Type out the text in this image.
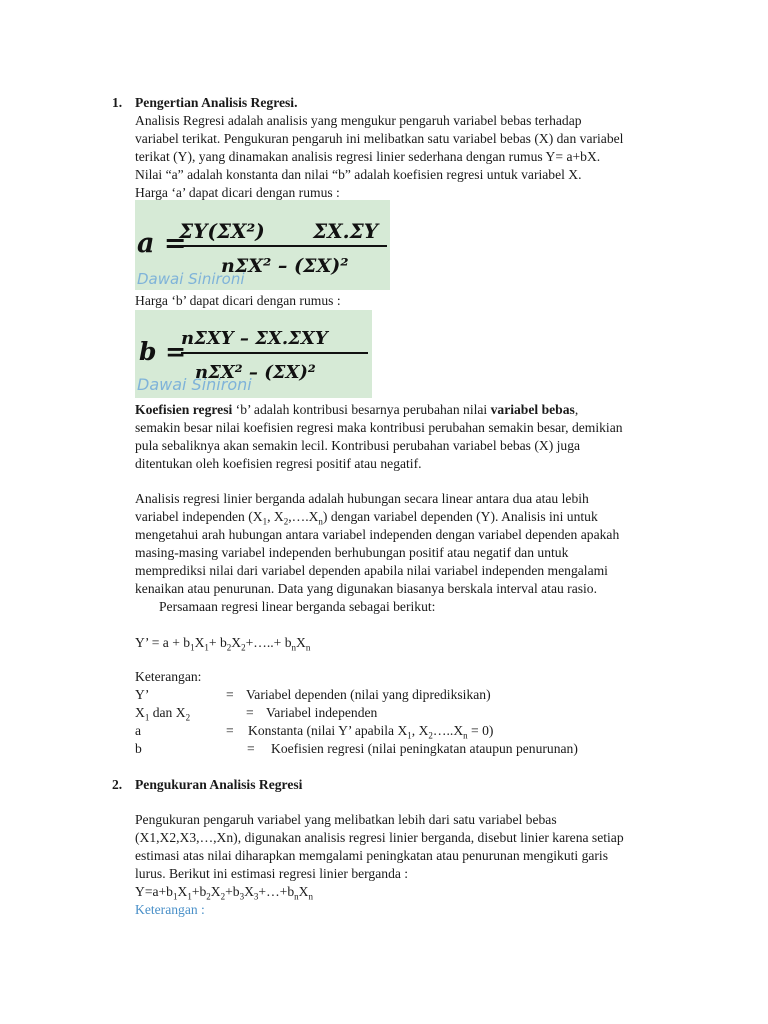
1. Pengertian Analisis Regresi.
Analisis Regresi adalah analisis yang mengukur pengaruh variabel bebas terhadap
variabel terikat. Pengukuran pengaruh ini melibatkan satu variabel bebas (X) dan variabel
terikat (Y), yang dinamakan analisis regresi linier sederhana dengan rumus Y= a+bX.
Nilai “a” adalah konstanta dan nilai “b” adalah koefisien regresi untuk variabel X.
Harga ‘a’ dapat dicari dengan rumus :
a =
ΣY(ΣX²) ΣX.ΣY
nΣX² – (ΣX)²
Dawai Sinironi
Harga ‘b’ dapat dicari dengan rumus :
b =
nΣXY – ΣX.ΣXY
nΣX² – (ΣX)²
Dawai Sinironi
Koefisien regresi ‘b’ adalah kontribusi besarnya perubahan nilai variabel bebas,
semakin besar nilai koefisien regresi maka kontribusi perubahan semakin besar, demikian
pula sebaliknya akan semakin lecil. Kontribusi perubahan variabel bebas (X) juga
ditentukan oleh koefisien regresi positif atau negatif.
Analisis regresi linier berganda adalah hubungan secara linear antara dua atau lebih
variabel independen ($X_1$, $X_2,\dots.X_n$) dengan variabel dependen (Y). Analisis ini untuk
mengetahui arah hubungan antara variabel independen dengan variabel dependen apakah
masing-masing variabel independen berhubungan positif atau negatif dan untuk
memprediksi nilai dari variabel dependen apabila nilai variabel independen mengalami
kenaikan atau penurunan. Data yang digunakan biasanya berskala interval atau rasio.
Persamaan regresi linear berganda sebagai berikut:
Y’ = $a + b_1X_1+$ $b_2X_2+\dots..+ b_nX_n$
Keterangan:
Y’	= Variabel dependen (nilai yang diprediksikan)
$X_1$ dan $X_2$	= Variabel independen
a	= Konstanta (nilai Y’ apabila $X_1$, $X_2\dots..X_n = 0$)
b	= Koefisien regresi (nilai peningkatan ataupun penurunan)
2. Pengukuran Analisis Regresi
Pengukuran pengaruh variabel yang melibatkan lebih dari satu variabel bebas
(X1,X2,X3,…,Xn), digunakan analisis regresi linier berganda, disebut linier karena setiap
estimasi atas nilai diharapkan memgalami peningkatan atau penurunan mengikuti garis
lurus. Berikut ini estimasi regresi linier berganda :
$Y=a+b_1X_1+b_2X_2+b_3X_3+\dots+b_nX_n$
Keterangan :
